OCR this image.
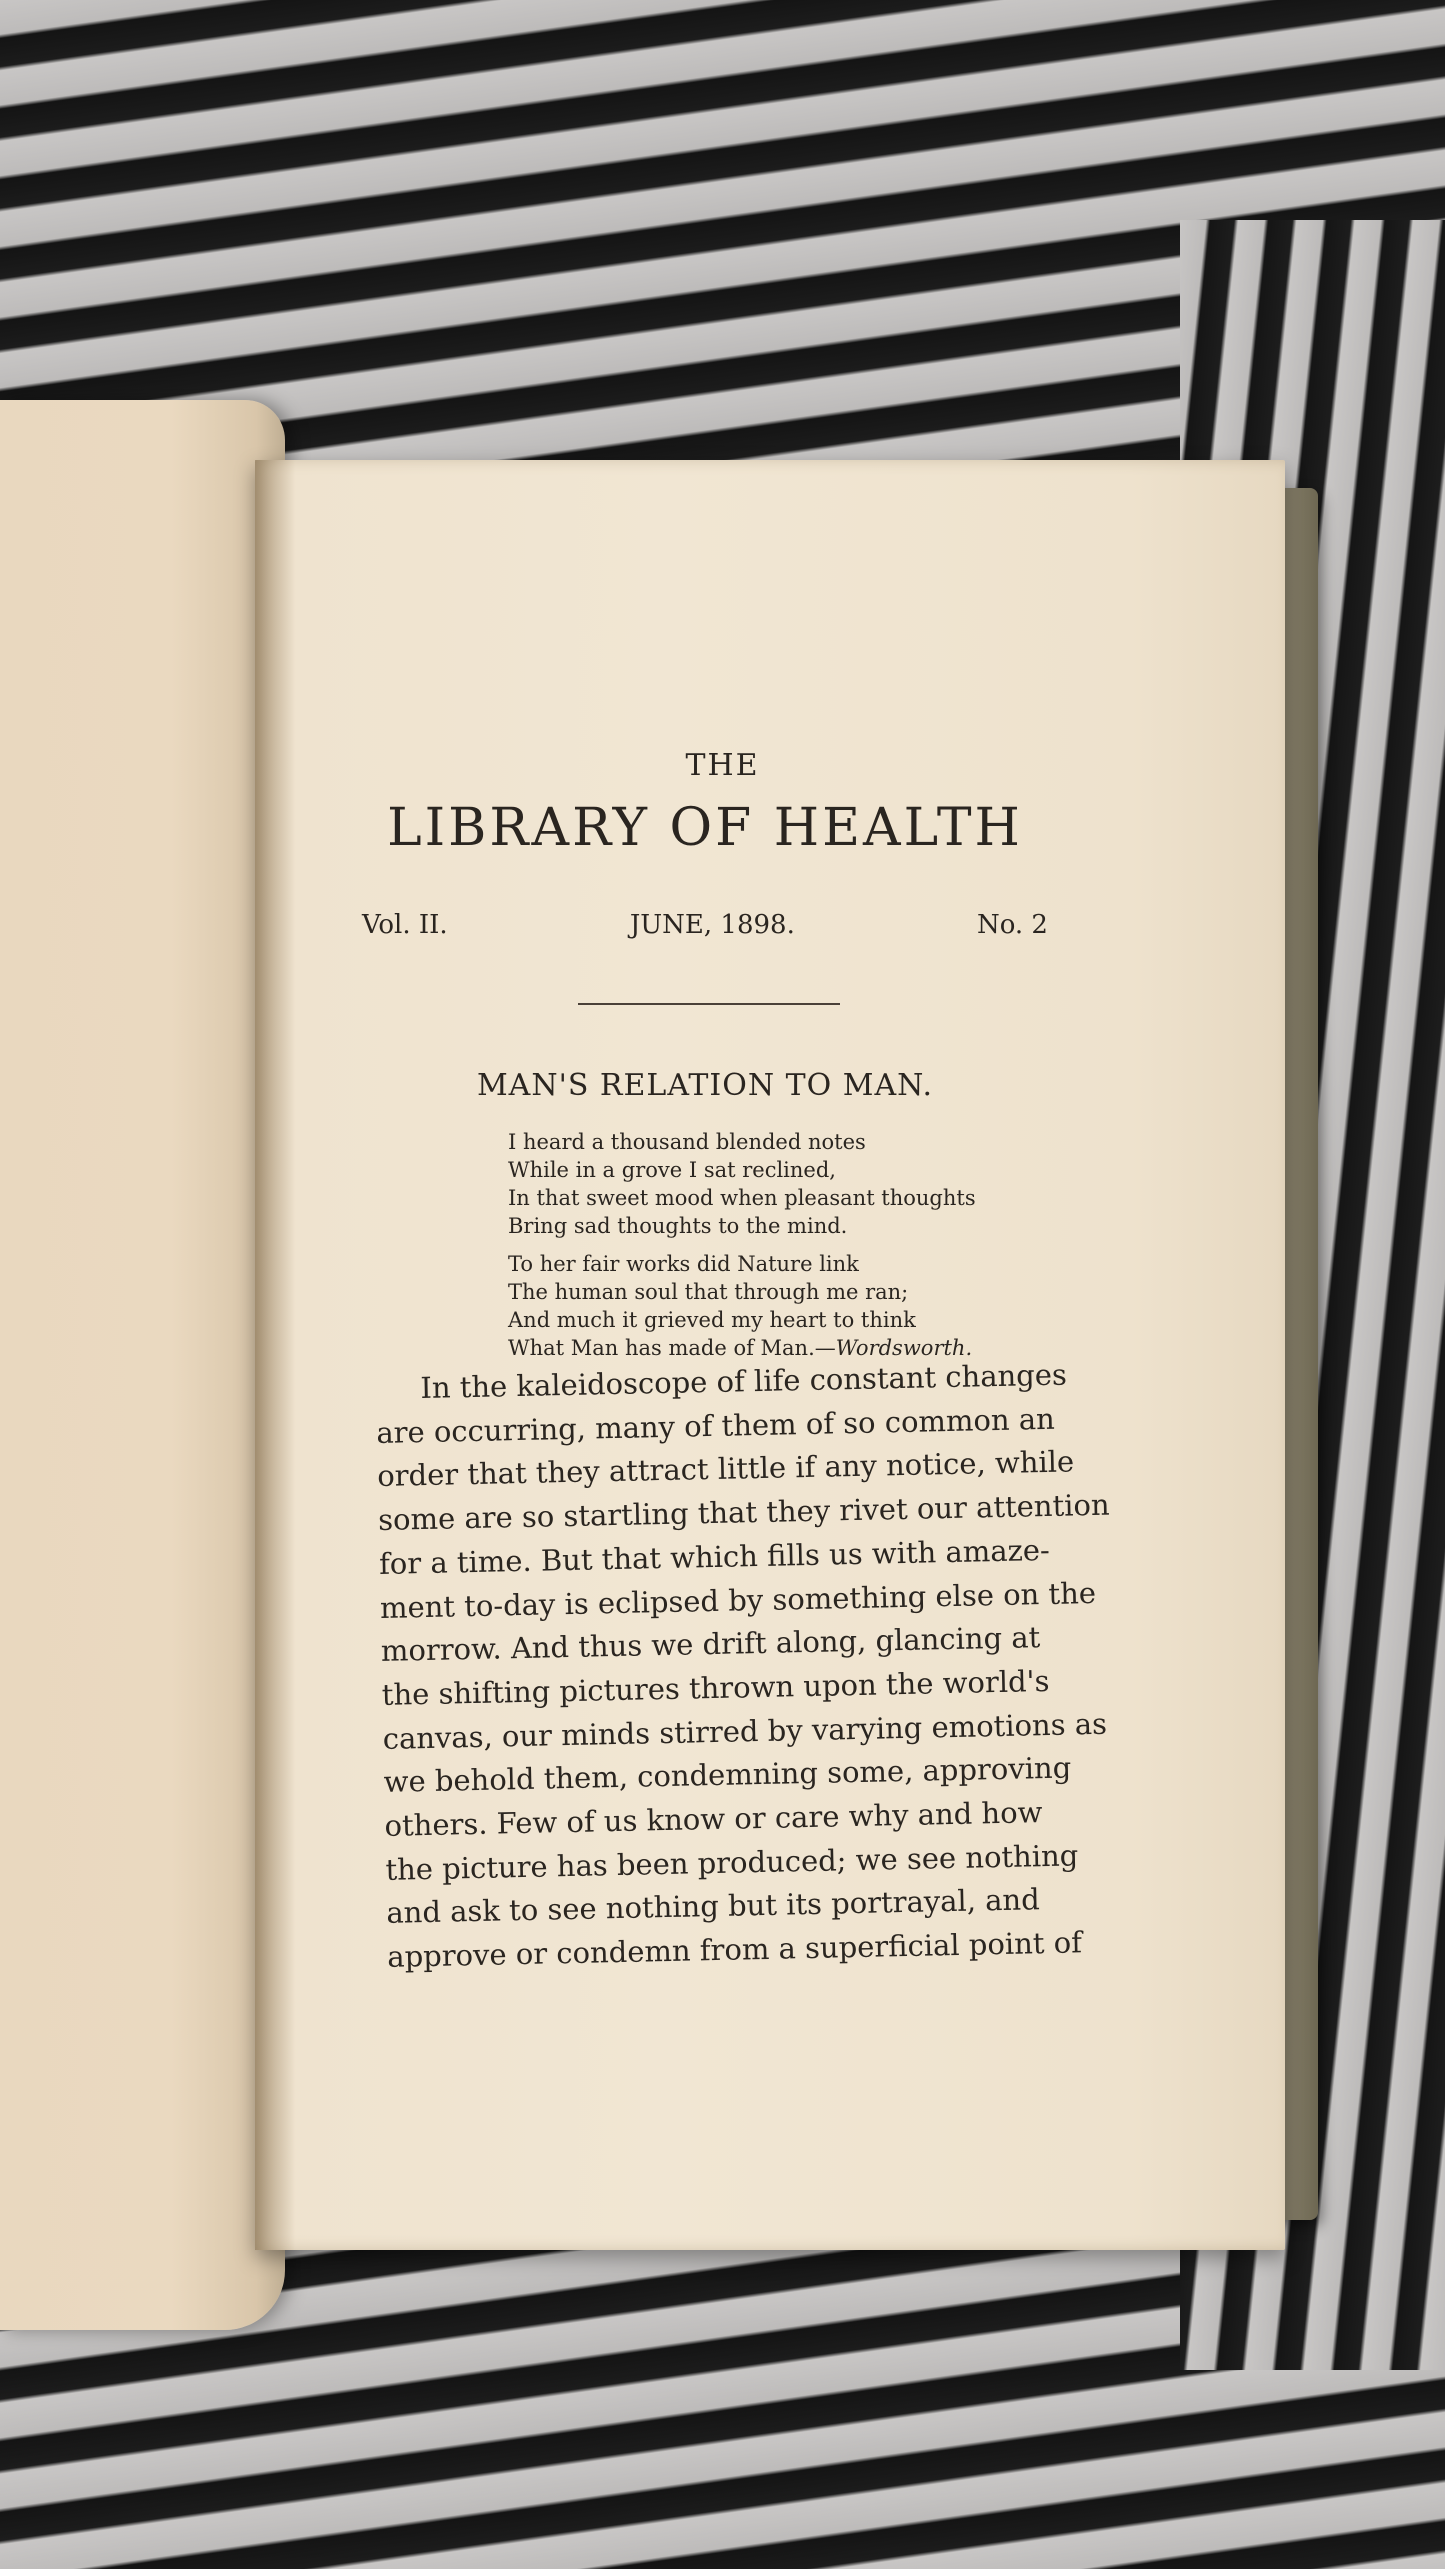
THE
LIBRARY OF HEALTH
Vol. II.	JUNE, 1898.	No. 2
MAN'S RELATION TO MAN.
I heard a thousand blended notes
While in a grove I sat reclined,
In that sweet mood when pleasant thoughts
Bring sad thoughts to the mind.
To her fair works did Nature link
The human soul that through me ran;
And much it grieved my heart to think
What Man has made of Man.—Wordsworth.
In the kaleidoscope of life constant changes
are occurring, many of them of so common an
order that they attract little if any notice, while
some are so startling that they rivet our attention
for a time. But that which fills us with amaze-
ment to-day is eclipsed by something else on the
morrow. And thus we drift along, glancing at
the shifting pictures thrown upon the world's
canvas, our minds stirred by varying emotions as
we behold them, condemning some, approving
others. Few of us know or care why and how
the picture has been produced; we see nothing
and ask to see nothing but its portrayal, and
approve or condemn from a superficial point of
